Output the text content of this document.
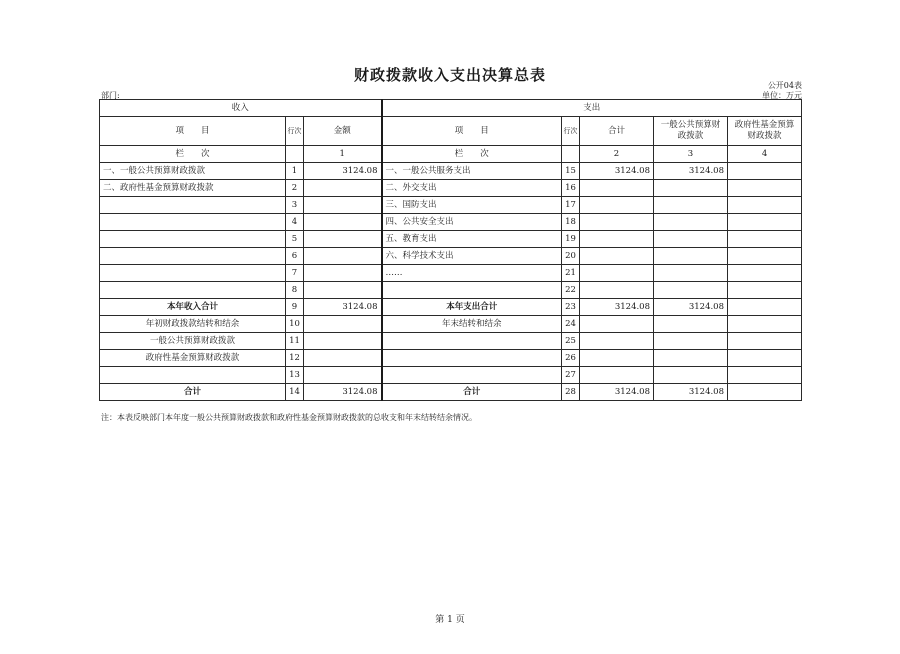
财政拨款收入支出决算总表
公开04表
部门:	单位：万元
收入			支出				
项　　目	行次	金额	项　　目	行次	合计	一般公共预算财政拨款	政府性基金预算财政拨款
栏　　次		1	栏　　次		2	3	4
一、一般公共预算财政拨款	1	3124.08	一、一般公共服务支出	15	3124.08	3124.08	
二、政府性基金预算财政拨款	2		二、外交支出	16			
	3		三、国防支出	17			
	4		四、公共安全支出	18			
	5		五、教育支出	19			
	6		六、科学技术支出	20			
	7		……	21			
	8			22			
本年收入合计	9	3124.08	本年支出合计	23	3124.08	3124.08	
年初财政拨款结转和结余	10		年末结转和结余	24			
一般公共预算财政拨款	11			25			
政府性基金预算财政拨款	12			26			
	13			27			
合计	14	3124.08	合计	28	3124.08	3124.08	
注：本表反映部门本年度一般公共预算财政拨款和政府性基金预算财政拨款的总收支和年末结转结余情况。
第 1 页
